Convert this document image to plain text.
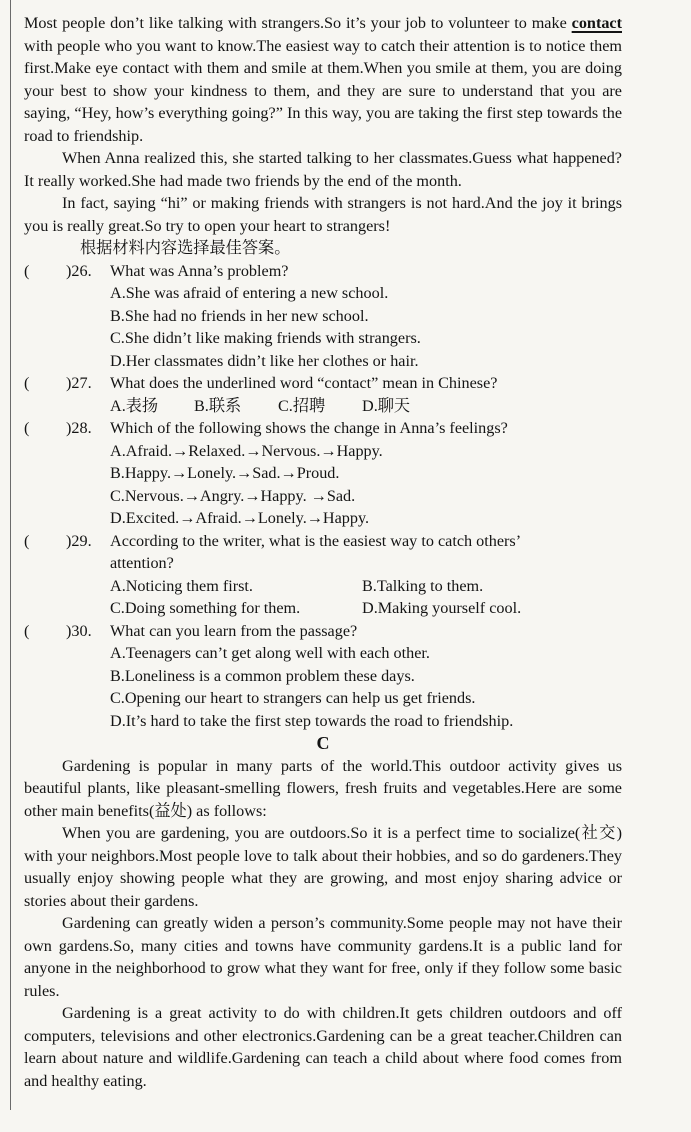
Most people don’t like talking with strangers.So it’s your job to volunteer to make contact with people who you want to know.The easiest way to catch their attention is to notice them first.Make eye contact with them and smile at them.When you smile at them, you are doing your best to show your kindness to them, and they are sure to understand that you are saying, “Hey, how’s everything going?” In this way, you are taking the first step towards the road to friendship.

When Anna realized this, she started talking to her classmates.Guess what happened? It really worked.She had made two friends by the end of the month.

In fact, saying “hi” or making friends with strangers is not hard.And the joy it brings you is really great.So try to open your heart to strangers!

根据材料内容选择最佳答案。
(	)26.	What was Anna’s problem?
A.She was afraid of entering a new school.
B.She had no friends in her new school.
C.She didn’t like making friends with strangers.
D.Her classmates didn’t like her clothes or hair.
(	)27.	What does the underlined word “contact” mean in Chinese?
A.表扬	B.联系	C.招聘	D.聊天
(	)28.	Which of the following shows the change in Anna’s feelings?
A.Afraid.→Relaxed.→Nervous.→Happy.
B.Happy.→Lonely.→Sad.→Proud.
C.Nervous.→Angry.→Happy. →Sad.
D.Excited.→Afraid.→Lonely.→Happy.
(	)29.	According to the writer, what is the easiest way to catch others’
attention?
A.Noticing them first.	B.Talking to them.
C.Doing something for them.	D.Making yourself cool.
(	)30.	What can you learn from the passage?
A.Teenagers can’t get along well with each other.
B.Loneliness is a common problem these days.
C.Opening our heart to strangers can help us get friends.
D.It’s hard to take the first step towards the road to friendship.
C

Gardening is popular in many parts of the world.This outdoor activity gives us beautiful plants, like pleasant-smelling flowers, fresh fruits and vegetables.Here are some other main benefits(益处) as follows:

When you are gardening, you are outdoors.So it is a perfect time to socialize(社交) with your neighbors.Most people love to talk about their hobbies, and so do gardeners.They usually enjoy showing people what they are growing, and most enjoy sharing advice or stories about their gardens.

Gardening can greatly widen a person’s community.Some people may not have their own gardens.So, many cities and towns have community gardens.It is a public land for anyone in the neighborhood to grow what they want for free, only if they follow some basic rules.

Gardening is a great activity to do with children.It gets children outdoors and off computers, televisions and other electronics.Gardening can be a great teacher.Children can learn about nature and wildlife.Gardening can teach a child about where food comes from and healthy eating.
